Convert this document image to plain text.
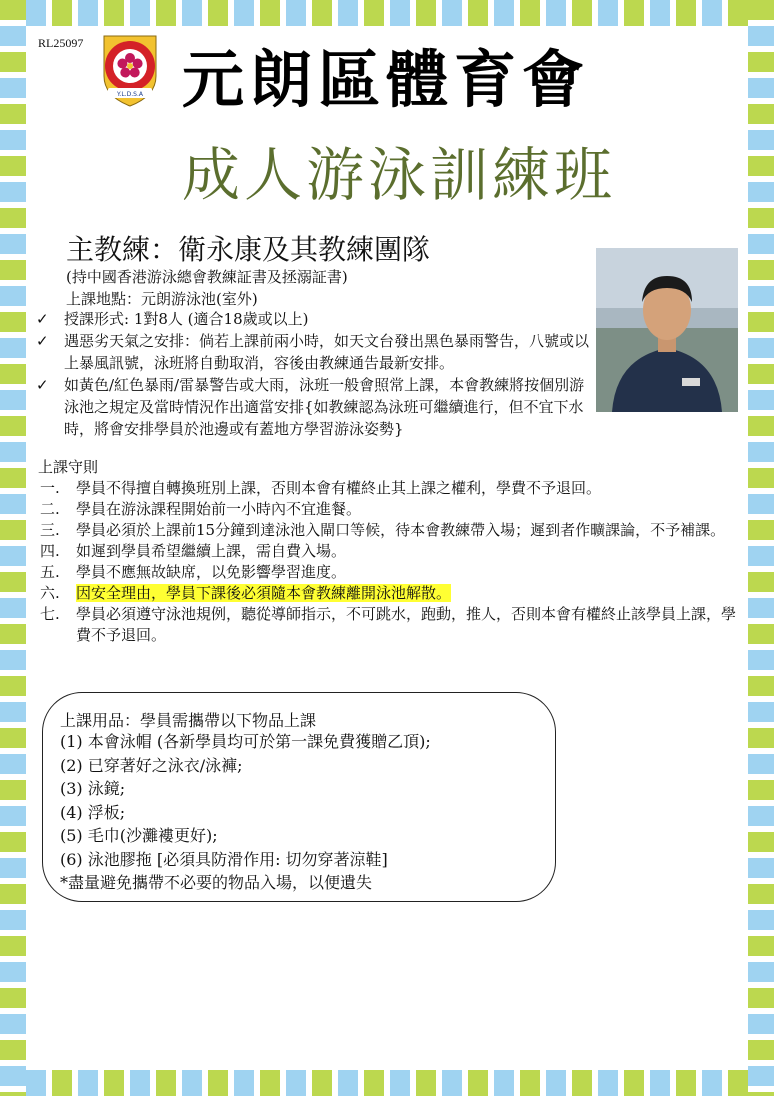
RL25097
Y.L.D.S.A 元朗區體育會
成人游泳訓練班
主教練：衛永康及其教練團隊
(持中國香港游泳總會教練証書及拯溺証書)
上課地點：元朗游泳池(室外)
✓ 授課形式: 1對8人 (適合18歲或以上)
✓ 遇惡劣天氣之安排：倘若上課前兩小時，如天文台發出黑色暴雨警告，八號或以上暴風訊號，泳班將自動取消，容後由教練通告最新安排。
✓ 如黃色/紅色暴雨/雷暴警告或大雨，泳班一般會照常上課，本會教練將按個別游泳池之規定及當時情況作出適當安排{如教練認為泳班可繼續進行，但不宜下水時，將會安排學員於池邊或有蓋地方學習游泳姿勢}
上課守則
一. 學員不得擅自轉換班別上課，否則本會有權終止其上課之權利，學費不予退回。
二. 學員在游泳課程開始前一小時內不宜進餐。
三. 學員必須於上課前15分鐘到達泳池入閘口等候，待本會教練帶入場；遲到者作曠課論，不予補課。
四. 如遲到學員希望繼續上課，需自費入場。
五. 學員不應無故缺席，以免影響學習進度。
六. 因安全理由，學員下課後必須隨本會教練離開泳池解散。
七. 學員必須遵守泳池規例，聽從導師指示，不可跳水，跑動，推人，否則本會有權終止該學員上課，學費不予退回。
上課用品：學員需攜帶以下物品上課
(1) 本會泳帽 (各新學員均可於第一課免費獲贈乙頂);
(2) 已穿著好之泳衣/泳褲;
(3) 泳鏡;
(4) 浮板;
(5) 毛巾(沙灘褸更好);
(6) 泳池膠拖 [必須具防滑作用: 切勿穿著涼鞋]
*盡量避免攜帶不必要的物品入場，以便遺失
